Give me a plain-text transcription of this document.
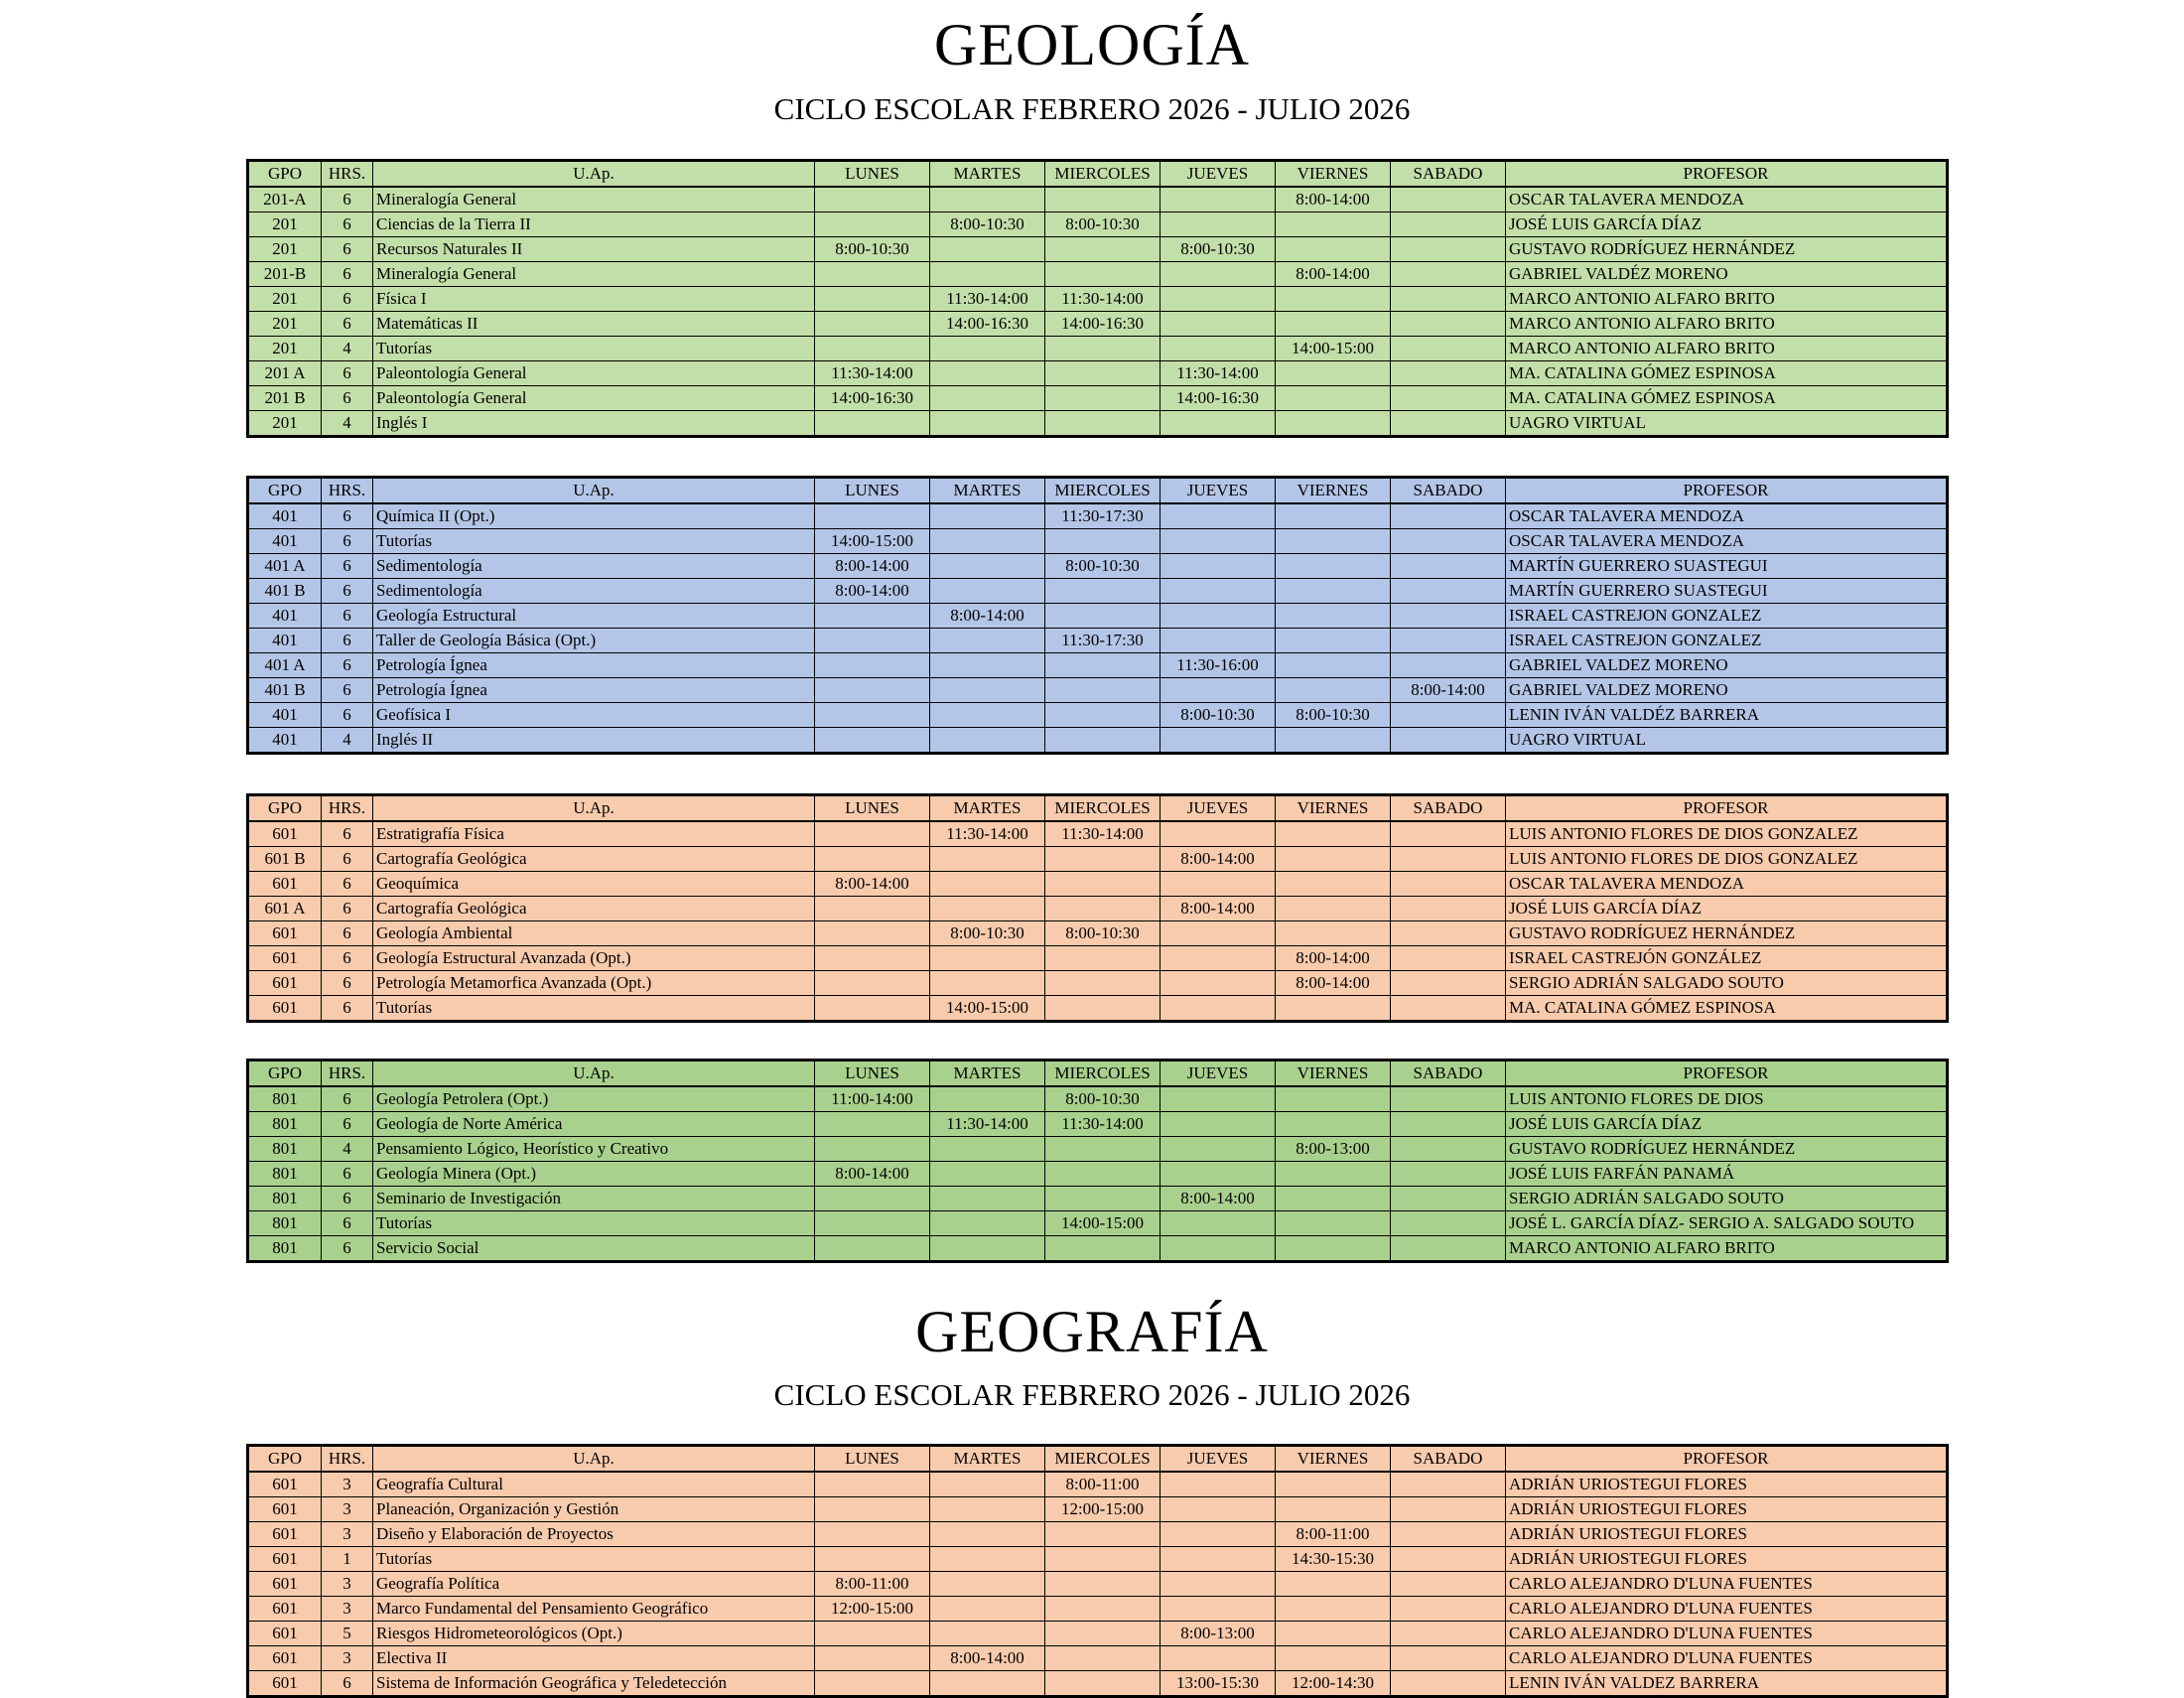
GEOLOGÍA
CICLO ESCOLAR FEBRERO 2026 - JULIO 2026
GPO	HRS.	U.Ap.	LUNES	MARTES	MIERCOLES	JUEVES	VIERNES	SABADO	PROFESOR
201-A	6	Mineralogía General					8:00-14:00		OSCAR TALAVERA MENDOZA
201	6	Ciencias de la Tierra II		8:00-10:30	8:00-10:30				JOSÉ LUIS GARCÍA DÍAZ
201	6	Recursos Naturales II	8:00-10:30			8:00-10:30			GUSTAVO RODRÍGUEZ HERNÁNDEZ
201-B	6	Mineralogía General					8:00-14:00		GABRIEL VALDÉZ MORENO
201	6	Física I		11:30-14:00	11:30-14:00				MARCO ANTONIO ALFARO BRITO
201	6	Matemáticas II		14:00-16:30	14:00-16:30				MARCO ANTONIO ALFARO BRITO
201	4	Tutorías					14:00-15:00		MARCO ANTONIO ALFARO BRITO
201 A	6	Paleontología General	11:30-14:00			11:30-14:00			MA. CATALINA GÓMEZ ESPINOSA
201 B	6	Paleontología General	14:00-16:30			14:00-16:30			MA. CATALINA GÓMEZ ESPINOSA
201	4	Inglés I							UAGRO VIRTUAL
GPO	HRS.	U.Ap.	LUNES	MARTES	MIERCOLES	JUEVES	VIERNES	SABADO	PROFESOR
401	6	Química II (Opt.)			11:30-17:30				OSCAR TALAVERA MENDOZA
401	6	Tutorías	14:00-15:00						OSCAR TALAVERA MENDOZA
401 A	6	Sedimentología	8:00-14:00		8:00-10:30				MARTÍN GUERRERO SUASTEGUI
401 B	6	Sedimentología	8:00-14:00						MARTÍN GUERRERO SUASTEGUI
401	6	Geología Estructural		8:00-14:00					ISRAEL CASTREJON GONZALEZ
401	6	Taller de Geología Básica (Opt.)			11:30-17:30				ISRAEL CASTREJON GONZALEZ
401 A	6	Petrología Ígnea				11:30-16:00			GABRIEL VALDEZ MORENO
401 B	6	Petrología Ígnea						8:00-14:00	GABRIEL VALDEZ MORENO
401	6	Geofísica I				8:00-10:30	8:00-10:30		LENIN IVÁN VALDÉZ BARRERA
401	4	Inglés II							UAGRO VIRTUAL
GPO	HRS.	U.Ap.	LUNES	MARTES	MIERCOLES	JUEVES	VIERNES	SABADO	PROFESOR
601	6	Estratigrafía Física		11:30-14:00	11:30-14:00				LUIS ANTONIO FLORES DE DIOS GONZALEZ
601 B	6	Cartografía Geológica				8:00-14:00			LUIS ANTONIO FLORES DE DIOS GONZALEZ
601	6	Geoquímica	8:00-14:00						OSCAR TALAVERA MENDOZA
601 A	6	Cartografía Geológica				8:00-14:00			JOSÉ LUIS GARCÍA DÍAZ
601	6	Geología Ambiental		8:00-10:30	8:00-10:30				GUSTAVO RODRÍGUEZ HERNÁNDEZ
601	6	Geología Estructural Avanzada (Opt.)					8:00-14:00		ISRAEL CASTREJÓN GONZÁLEZ
601	6	Petrología Metamorfica Avanzada (Opt.)					8:00-14:00		SERGIO ADRIÁN SALGADO SOUTO
601	6	Tutorías		14:00-15:00					MA. CATALINA GÓMEZ ESPINOSA
GPO	HRS.	U.Ap.	LUNES	MARTES	MIERCOLES	JUEVES	VIERNES	SABADO	PROFESOR
801	6	Geología Petrolera (Opt.)	11:00-14:00		8:00-10:30				LUIS ANTONIO FLORES DE DIOS
801	6	Geología de Norte América		11:30-14:00	11:30-14:00				JOSÉ LUIS GARCÍA DÍAZ
801	4	Pensamiento Lógico, Heorístico y Creativo					8:00-13:00		GUSTAVO RODRÍGUEZ HERNÁNDEZ
801	6	Geología Minera (Opt.)	8:00-14:00						JOSÉ LUIS FARFÁN PANAMÁ
801	6	Seminario de Investigación				8:00-14:00			SERGIO ADRIÁN SALGADO SOUTO
801	6	Tutorías			14:00-15:00				JOSÉ L. GARCÍA DÍAZ- SERGIO A. SALGADO SOUTO
801	6	Servicio Social							MARCO ANTONIO ALFARO BRITO
GEOGRAFÍA
CICLO ESCOLAR FEBRERO 2026 - JULIO 2026
GPO	HRS.	U.Ap.	LUNES	MARTES	MIERCOLES	JUEVES	VIERNES	SABADO	PROFESOR
601	3	Geografía Cultural			8:00-11:00				ADRIÁN URIOSTEGUI FLORES
601	3	Planeación, Organización y Gestión			12:00-15:00				ADRIÁN URIOSTEGUI FLORES
601	3	Diseño y Elaboración de Proyectos					8:00-11:00		ADRIÁN URIOSTEGUI FLORES
601	1	Tutorías					14:30-15:30		ADRIÁN URIOSTEGUI FLORES
601	3	Geografía Política	8:00-11:00						CARLO ALEJANDRO D'LUNA FUENTES
601	3	Marco Fundamental del Pensamiento Geográfico	12:00-15:00						CARLO ALEJANDRO D'LUNA FUENTES
601	5	Riesgos Hidrometeorológicos (Opt.)				8:00-13:00			CARLO ALEJANDRO D'LUNA FUENTES
601	3	Electiva II		8:00-14:00					CARLO ALEJANDRO D'LUNA FUENTES
601	6	Sistema de Información Geográfica y Teledetección				13:00-15:30	12:00-14:30		LENIN IVÁN VALDEZ BARRERA
